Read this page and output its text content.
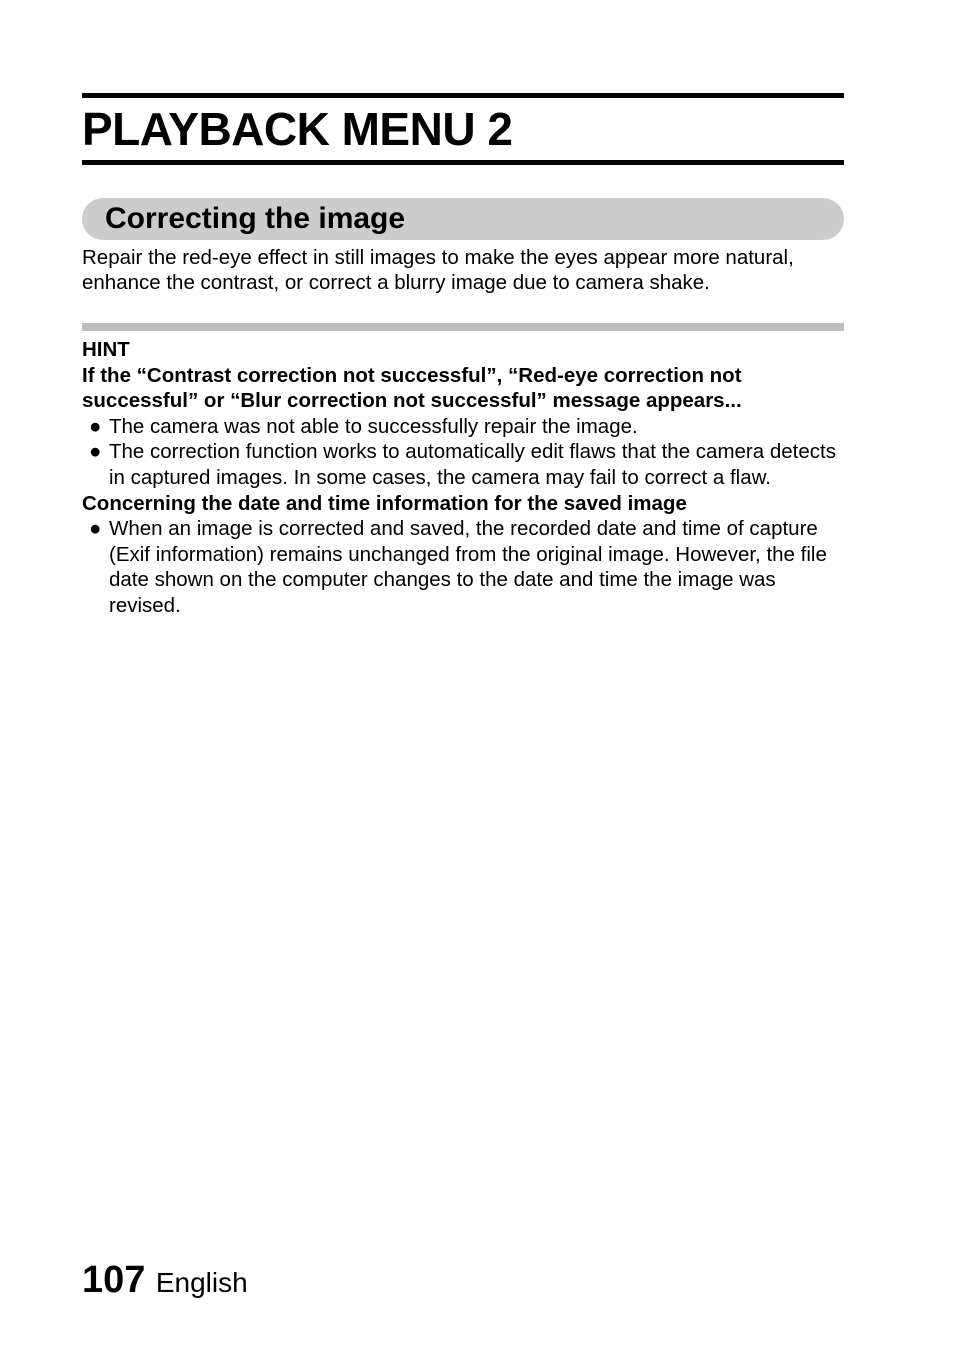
PLAYBACK MENU 2
Correcting the image

Repair the red-eye effect in still images to make the eyes appear more natural, enhance the contrast, or correct a blurry image due to camera shake.

HINT

If the “Contrast correction not successful”, “Red-eye correction not successful” or “Blur correction not successful” message appears...

● The camera was not able to successfully repair the image.
● The correction function works to automatically edit flaws that the camera detects in captured images. In some cases, the camera may fail to correct a flaw.

Concerning the date and time information for the saved image

● When an image is corrected and saved, the recorded date and time of capture (Exif information) remains unchanged from the original image. However, the file date shown on the computer changes to the date and time the image was revised.
107 English
